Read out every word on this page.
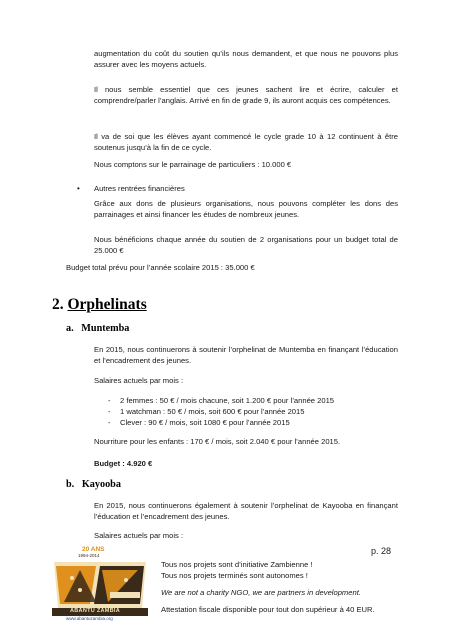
augmentation du coût du soutien qu’ils nous demandent, et que nous ne pouvons plus assurer avec les moyens actuels.

Il nous semble essentiel que ces jeunes sachent lire et écrire, calculer et comprendre/parler l’anglais. Arrivé en fin de grade 9, ils auront acquis ces compétences.

Il va de soi que les élèves ayant commencé le cycle grade 10 à 12 continuent à être soutenus jusqu’à la fin de ce cycle.

Nous comptons sur le parrainage de particuliers : 10.000 €

• Autres rentrées financières

Grâce aux dons de plusieurs organisations, nous pouvons compléter les dons des parrainages et ainsi financer les études de nombreux jeunes.

Nous bénéficions chaque année du soutien de 2 organisations pour un budget total de 25.000 €

Budget total prévu pour l’année scolaire 2015 : 35.000 €

2. Orphelinats
a. Muntemba

En 2015, nous continuerons à soutenir l’orphelinat de Muntemba en finançant l’éducation et l’encadrement des jeunes.

Salaires actuels par mois :

- 2 femmes : 50 € / mois chacune, soit 1.200 € pour l’année 2015
- 1 watchman : 50 € / mois, soit 600 € pour l’année 2015
- Clever : 90 € / mois, soit 1080 € pour l’année 2015

Nourriture pour les enfants : 170 € / mois, soit 2.040 € pour l’année 2015.

Budget : 4.920 €

b. Kayooba

En 2015, nous continuerons également à soutenir l’orphelinat de Kayooba en finançant l’éducation et l’encadrement des jeunes.

Salaires actuels par mois :

20 ANS
1994-2014
ABANTU ZAMBIA
www.abantuzambia.org
p. 28
Tous nos projets sont d’initiative Zambienne !
Tous nos projets terminés sont autonomes !
We are not a charity NGO, we are partners in development.
Attestation fiscale disponible pour tout don supérieur à 40 EUR.
